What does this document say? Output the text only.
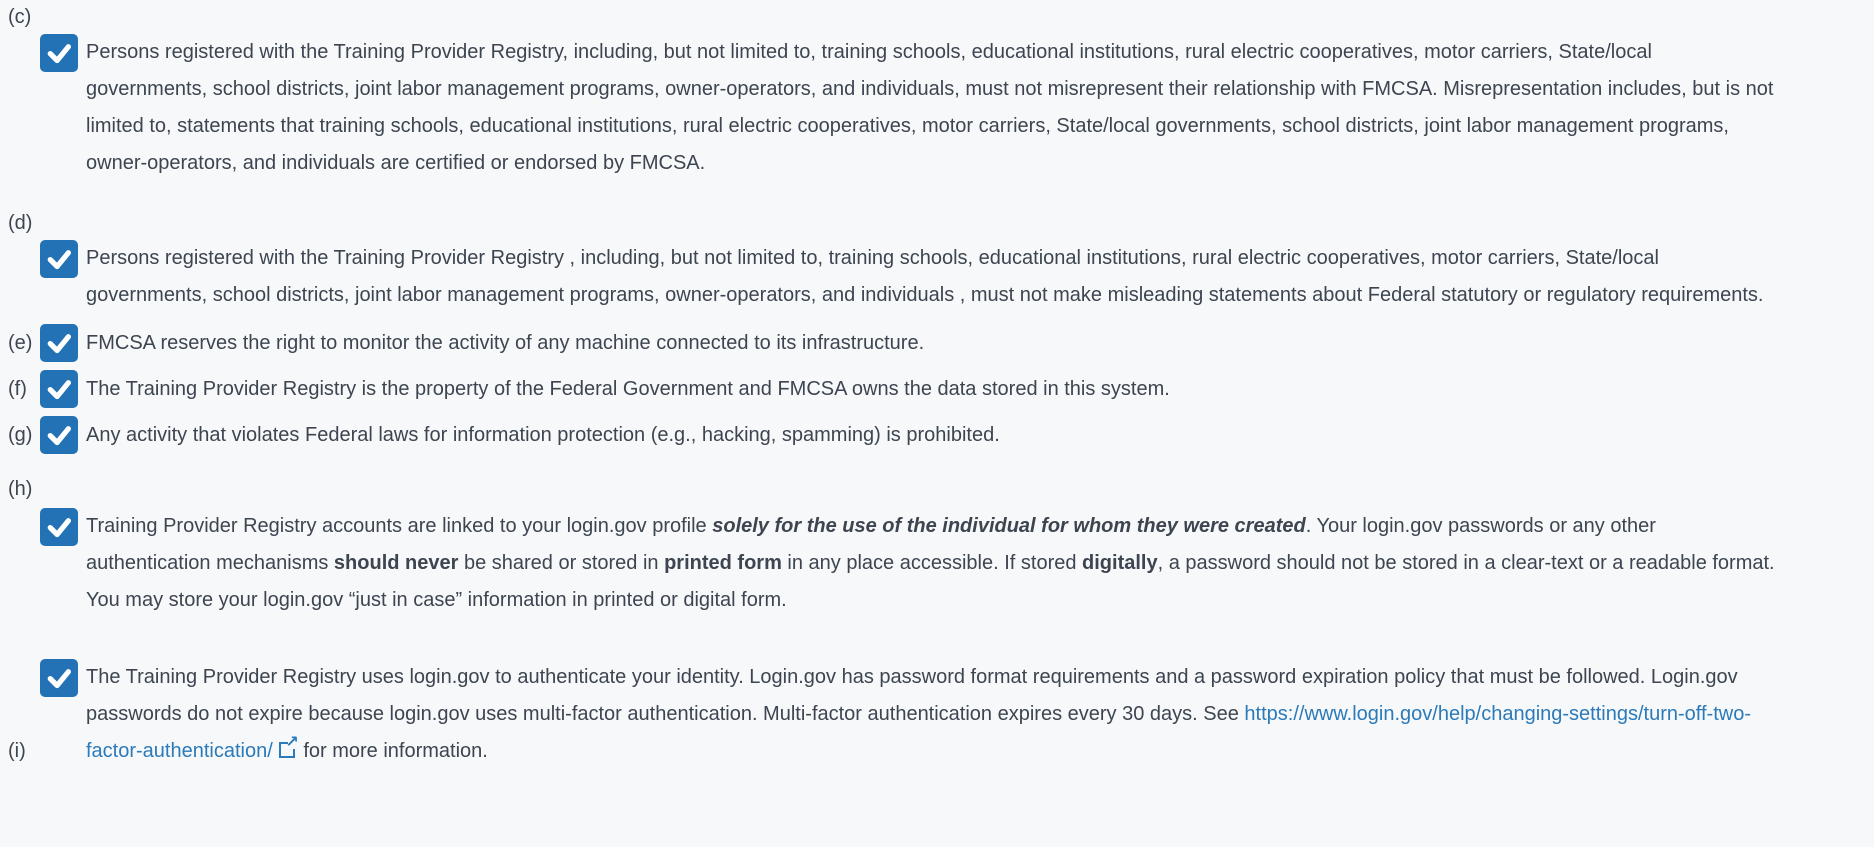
(c)
Persons registered with the Training Provider Registry, including, but not limited to, training schools, educational institutions, rural electric cooperatives, motor carriers, State/local governments, school districts, joint labor management programs, owner-operators, and individuals, must not misrepresent their relationship with FMCSA. Misrepresentation includes, but is not limited to, statements that training schools, educational institutions, rural electric cooperatives, motor carriers, State/local governments, school districts, joint labor management programs, owner-operators, and individuals are certified or endorsed by FMCSA.
(d)
Persons registered with the Training Provider Registry , including, but not limited to, training schools, educational institutions, rural electric cooperatives, motor carriers, State/local governments, school districts, joint labor management programs, owner-operators, and individuals , must not make misleading statements about Federal statutory or regulatory requirements.
(e)	FMCSA reserves the right to monitor the activity of any machine connected to its infrastructure.
(f)	The Training Provider Registry is the property of the Federal Government and FMCSA owns the data stored in this system.
(g)	Any activity that violates Federal laws for information protection (e.g., hacking, spamming) is prohibited.
(h)
Training Provider Registry accounts are linked to your login.gov profile solely for the use of the individual for whom they were created. Your login.gov passwords or any other authentication mechanisms should never be shared or stored in printed form in any place accessible. If stored digitally, a password should not be stored in a clear-text or a readable format. You may store your login.gov “just in case” information in printed or digital form.
(i)
The Training Provider Registry uses login.gov to authenticate your identity. Login.gov has password format requirements and a password expiration policy that must be followed. Login.gov passwords do not expire because login.gov uses multi-factor authentication. Multi-factor authentication expires every 30 days. See https://www.login.gov/help/changing-settings/turn-off-two-factor-authentication/↗ for more information.
